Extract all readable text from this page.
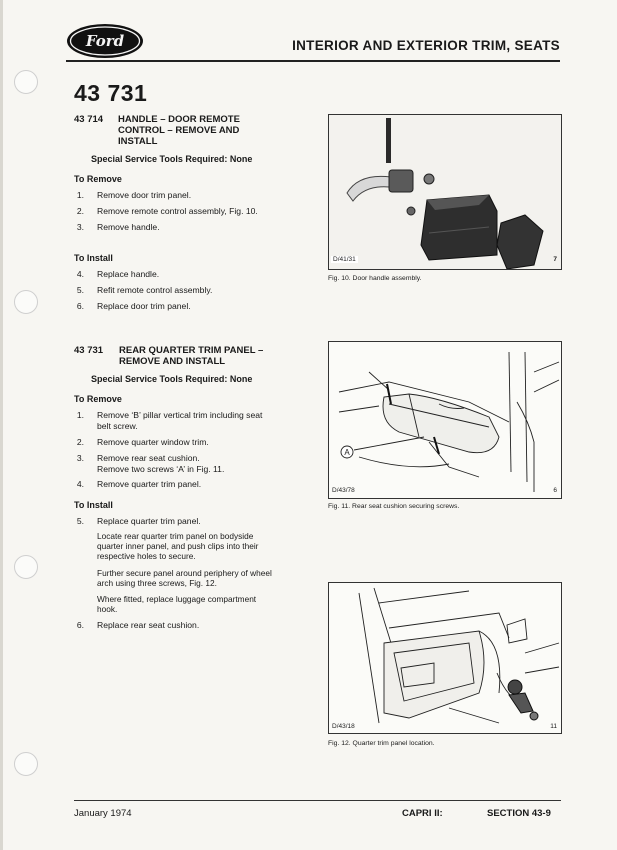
Ford	INTERIOR AND EXTERIOR TRIM, SEATS
43 731
43 714 HANDLE – DOOR REMOTE
CONTROL – REMOVE AND
INSTALL
Special Service Tools Required: None
To Remove
1. Remove door trim panel.
2. Remove remote control assembly, Fig. 10.
3. Remove handle.
To Install
4. Replace handle.
5. Refit remote control assembly.
6. Replace door trim panel.
43 731 REAR QUARTER TRIM PANEL –
REMOVE AND INSTALL
Special Service Tools Required: None
To Remove
1. Remove ‘B’ pillar vertical trim including seat
belt screw.
2. Remove quarter window trim.
3. Remove rear seat cushion.
Remove two screws ‘A’ in Fig. 11.
4. Remove quarter trim panel.
To Install
5. Replace quarter trim panel.
Locate rear quarter trim panel on bodyside
quarter inner panel, and push clips into their
respective holes to secure.
Further secure panel around periphery of wheel
arch using three screws, Fig. 12.
Where fitted, replace luggage compartment
hook.
6. Replace rear seat cushion.
D/41/31	7
Fig. 10. Door handle assembly.
A
D/43/78	6
Fig. 11. Rear seat cushion securing screws.
D/43/18	11
Fig. 12. Quarter trim panel location.
January 1974	CAPRI II:	SECTION 43-9
